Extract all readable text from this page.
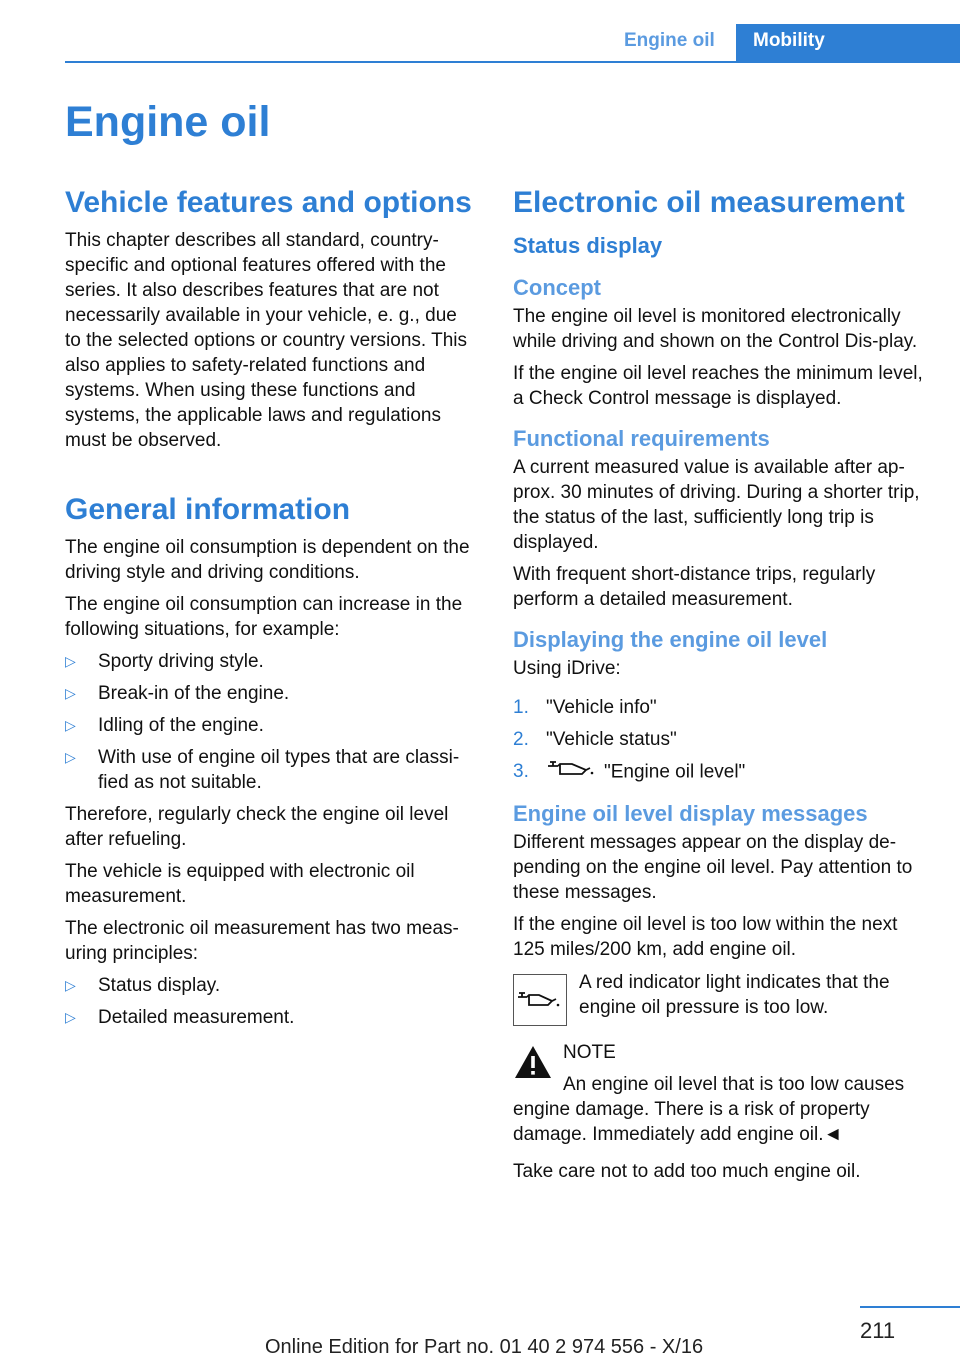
Engine oil	Mobility
Engine oil
Vehicle features and options

This chapter describes all standard, country-specific and optional features offered with the series. It also describes features that are not necessarily available in your vehicle, e. g., due to the selected options or country versions. This also applies to safety-related functions and systems. When using these functions and systems, the applicable laws and regulations must be observed.

General information

The engine oil consumption is dependent on the driving style and driving conditions.

The engine oil consumption can increase in the following situations, for example:

▷ Sporty driving style.
▷ Break-in of the engine.
▷ Idling of the engine.
▷ With use of engine oil types that are classi-fied as not suitable.

Therefore, regularly check the engine oil level after refueling.

The vehicle is equipped with electronic oil measurement.

The electronic oil measurement has two meas-uring principles:

▷ Status display.
▷ Detailed measurement.
Electronic oil measurement
Status display
Concept

The engine oil level is monitored electronically while driving and shown on the Control Dis-play.

If the engine oil level reaches the minimum level, a Check Control message is displayed.

Functional requirements

A current measured value is available after ap-prox. 30 minutes of driving. During a shorter trip, the status of the last, sufficiently long trip is displayed.

With frequent short-distance trips, regularly perform a detailed measurement.

Displaying the engine oil level

Using iDrive:

1. "Vehicle info"
2. "Vehicle status"
3.	"Engine oil level"
Engine oil level display messages

Different messages appear on the display de-pending on the engine oil level. Pay attention to these messages.

If the engine oil level is too low within the next 125 miles/200 km, add engine oil.

A red indicator light indicates that the engine oil pressure is too low.

NOTE

An engine oil level that is too low causes engine damage. There is a risk of property damage. Immediately add engine oil.◄

Take care not to add too much engine oil.

211
Online Edition for Part no. 01 40 2 974 556 - X/16
